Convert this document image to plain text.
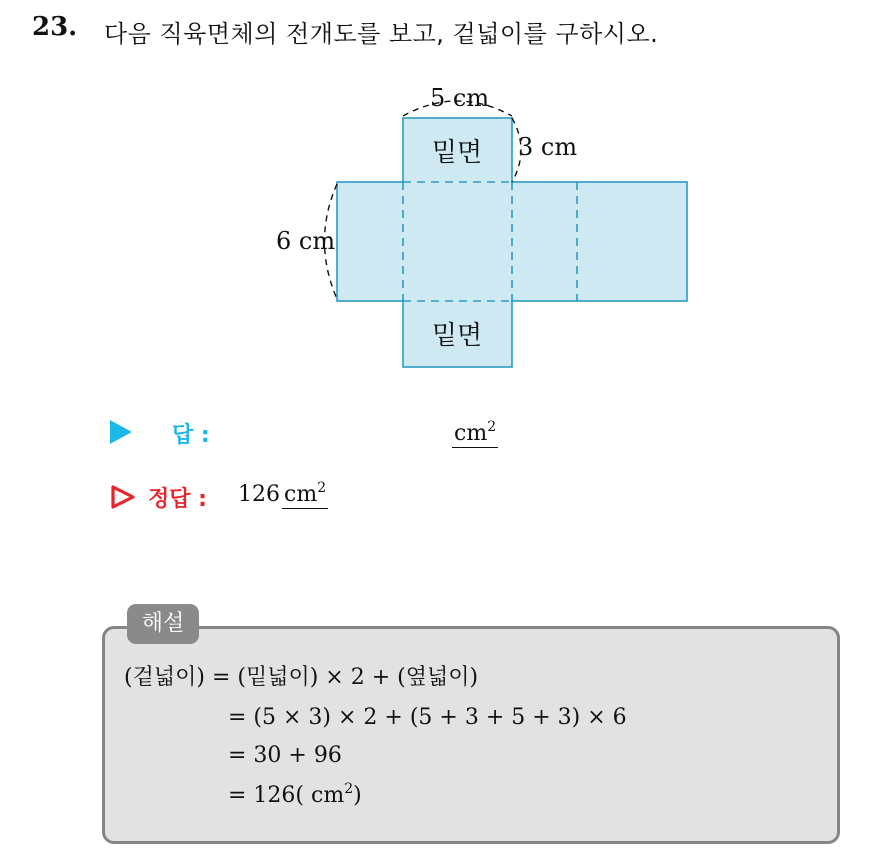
23. 다음 직육면체의 전개도를 보고, 겉넓이를 구하시오.
5 cm
3 cm
6 cm
밑면
밑면
답 :	$cm^2$
정답 : 126 $cm^2$
해설
(겉넓이) = (밑넓이) × 2 + (옆넓이)
= (5 × 3) × 2 + (5 + 3 + 5 + 3) × 6
= 30 + 96
= 126( $cm^2$)
